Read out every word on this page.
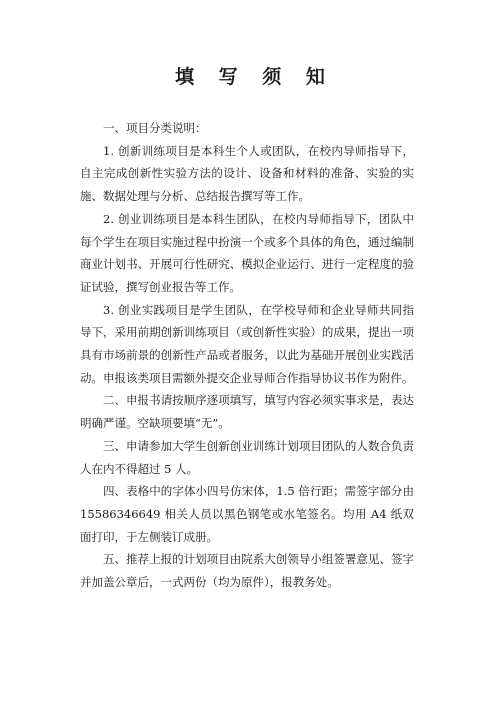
填 写 须 知

一、项目分类说明：

1. 创新训练项目是本科生个人或团队，在校内导师指导下，自主完成创新性实验方法的设计、设备和材料的准备、实验的实施、数据处理与分析、总结报告撰写等工作。

2. 创业训练项目是本科生团队，在校内导师指导下，团队中每个学生在项目实施过程中扮演一个或多个具体的角色，通过编制商业计划书、开展可行性研究、模拟企业运行、进行一定程度的验证试验，撰写创业报告等工作。

3. 创业实践项目是学生团队，在学校导师和企业导师共同指导下，采用前期创新训练项目（或创新性实验）的成果，提出一项具有市场前景的创新性产品或者服务，以此为基础开展创业实践活动。申报该类项目需额外提交企业导师合作指导协议书作为附件。

二、申报书请按顺序逐项填写，填写内容必须实事求是，表达明确严谨。空缺项要填“无”。

三、申请参加大学生创新创业训练计划项目团队的人数合负责人在内不得超过 5 人。

四、表格中的字体小四号仿宋体，1.5 倍行距；需签字部分由 15586346649 相关人员以黑色钢笔或水笔签名。均用 A4 纸双面打印，于左侧装订成册。

五、推荐上报的计划项目由院系大创领导小组签署意见、签字并加盖公章后，一式两份（均为原件），报教务处。
